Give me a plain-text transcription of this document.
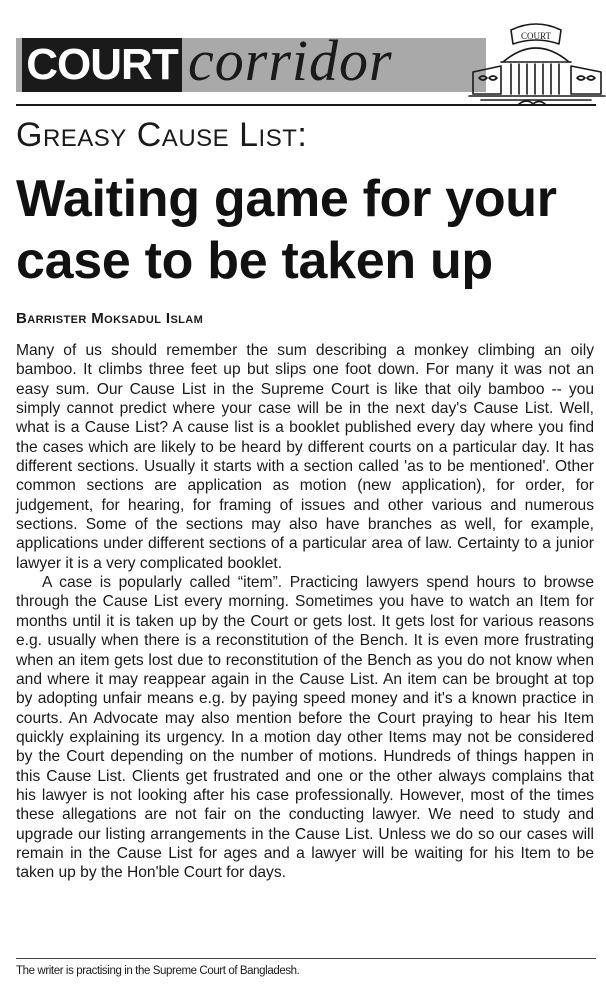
COURT corridor	COURT
Greasy Cause List:
Waiting game for your case to be taken up
Barrister Moksadul Islam

Many of us should remember the sum describing a monkey climbing an oily bamboo. It climbs three feet up but slips one foot down. For many it was not an easy sum. Our Cause List in the Supreme Court is like that oily bamboo -- you simply cannot predict where your case will be in the next day's Cause List. Well, what is a Cause List? A cause list is a booklet published every day where you find the cases which are likely to be heard by different courts on a particular day. It has different sections. Usually it starts with a section called 'as to be mentioned'. Other common sections are application as motion (new application), for order, for judgement, for hearing, for framing of issues and other various and numerous sections. Some of the sections may also have branches as well, for example, applications under different sections of a particular area of law. Certainty to a junior lawyer it is a very complicated booklet.

A case is popularly called “item”. Practicing lawyers spend hours to browse through the Cause List every morning. Sometimes you have to watch an Item for months until it is taken up by the Court or gets lost. It gets lost for various reasons e.g. usually when there is a reconstitution of the Bench. It is even more frustrating when an item gets lost due to reconstitution of the Bench as you do not know when and where it may reappear again in the Cause List. An item can be brought at top by adopting unfair means e.g. by paying speed money and it's a known practice in courts. An Advocate may also mention before the Court praying to hear his Item quickly explaining its urgency. In a motion day other Items may not be considered by the Court depending on the number of motions. Hundreds of things happen in this Cause List. Clients get frustrated and one or the other always complains that his lawyer is not looking after his case professionally. However, most of the times these allegations are not fair on the conducting lawyer. We need to study and upgrade our listing arrangements in the Cause List. Unless we do so our cases will remain in the Cause List for ages and a lawyer will be waiting for his Item to be taken up by the Hon'ble Court for days.

The writer is practising in the Supreme Court of Bangladesh.
